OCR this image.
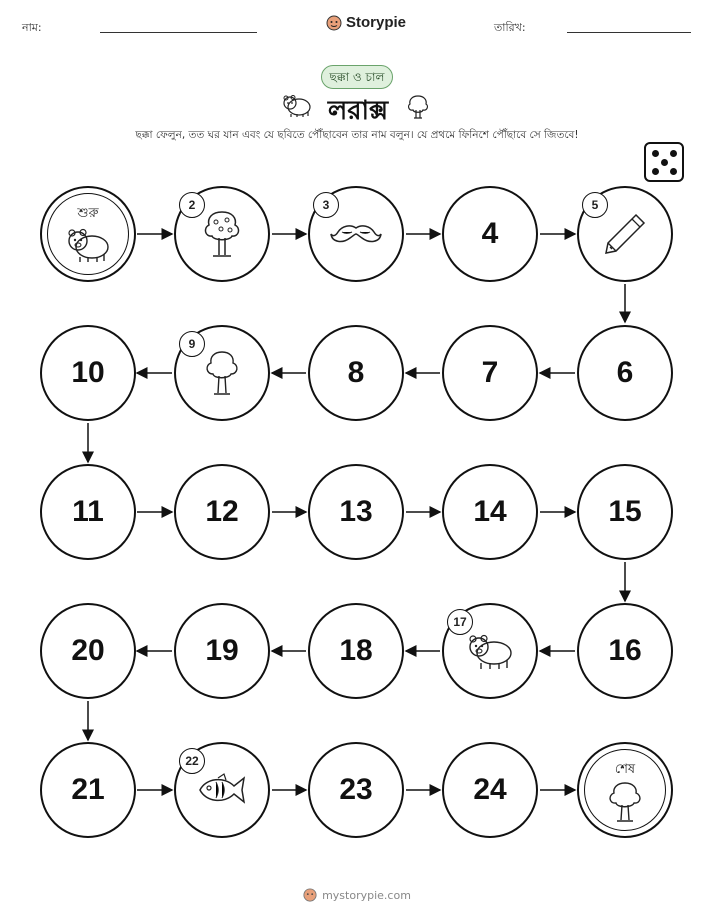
নাম:	Storypie	তারিখ:
ছক্কা ও চাল
লরাক্স
ছক্কা ফেলুন, তত ঘর যান এবং যে ছবিতে পৌঁছাবেন তার নাম বলুন। যে প্রথমে ফিনিশে পৌঁছাবে সে জিতবে!
শুরু
2	3
4
5
10
9
8	7	6
11	12	13	14	15
20	19	18
17
16
21
22
23	24
শেষ
mystorypie.com
